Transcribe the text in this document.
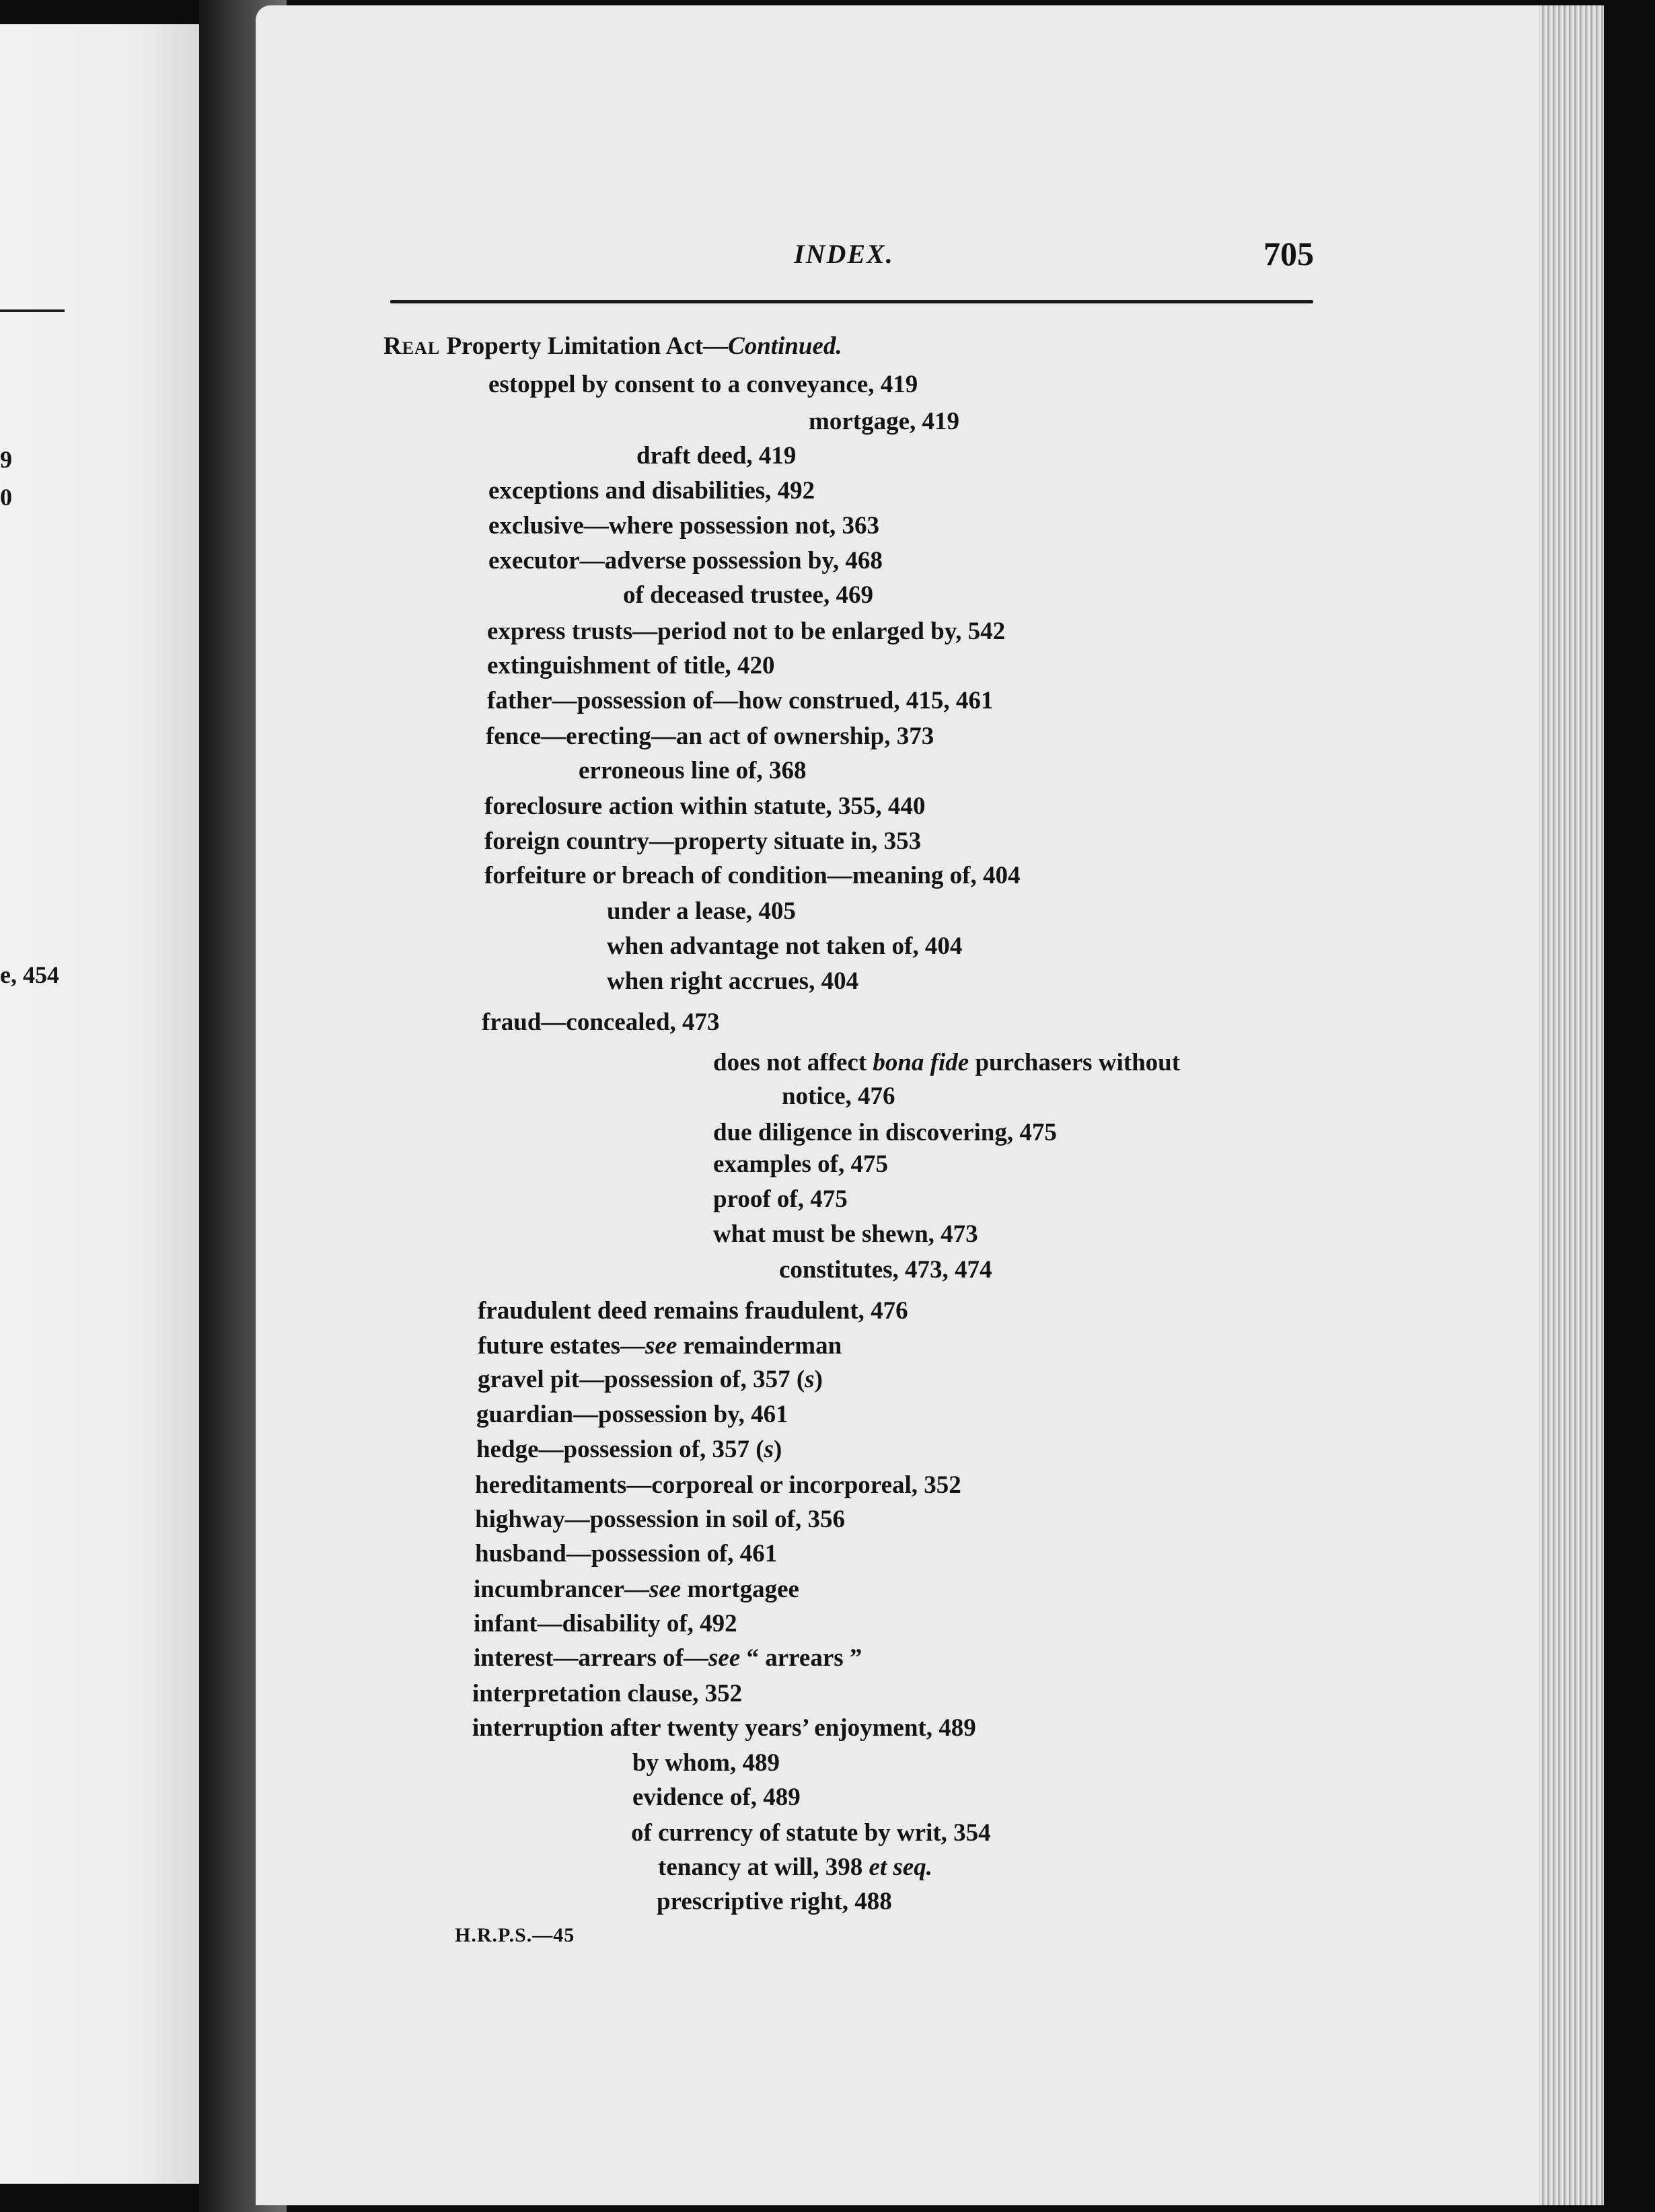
9
0
e, 454
INDEX.	705
Real Property Limitation Act—Continued.
estoppel by consent to a conveyance, 419
mortgage, 419
draft deed, 419
exceptions and disabilities, 492
exclusive—where possession not, 363
executor—adverse possession by, 468
of deceased trustee, 469
express trusts—period not to be enlarged by, 542
extinguishment of title, 420
father—possession of—how construed, 415, 461
fence—erecting—an act of ownership, 373
erroneous line of, 368
foreclosure action within statute, 355, 440
foreign country—property situate in, 353
forfeiture or breach of condition—meaning of, 404
under a lease, 405
when advantage not taken of, 404
when right accrues, 404
fraud—concealed, 473
does not affect bona fide purchasers without
notice, 476
due diligence in discovering, 475
examples of, 475
proof of, 475
what must be shewn, 473
constitutes, 473, 474
fraudulent deed remains fraudulent, 476
future estates—see remainderman
gravel pit—possession of, 357 (s)
guardian—possession by, 461
hedge—possession of, 357 (s)
hereditaments—corporeal or incorporeal, 352
highway—possession in soil of, 356
husband—possession of, 461
incumbrancer—see mortgagee
infant—disability of, 492
interest—arrears of—see “ arrears ”
interpretation clause, 352
interruption after twenty years’ enjoyment, 489
by whom, 489
evidence of, 489
of currency of statute by writ, 354
tenancy at will, 398 et seq.
prescriptive right, 488
H.R.P.S.—45
